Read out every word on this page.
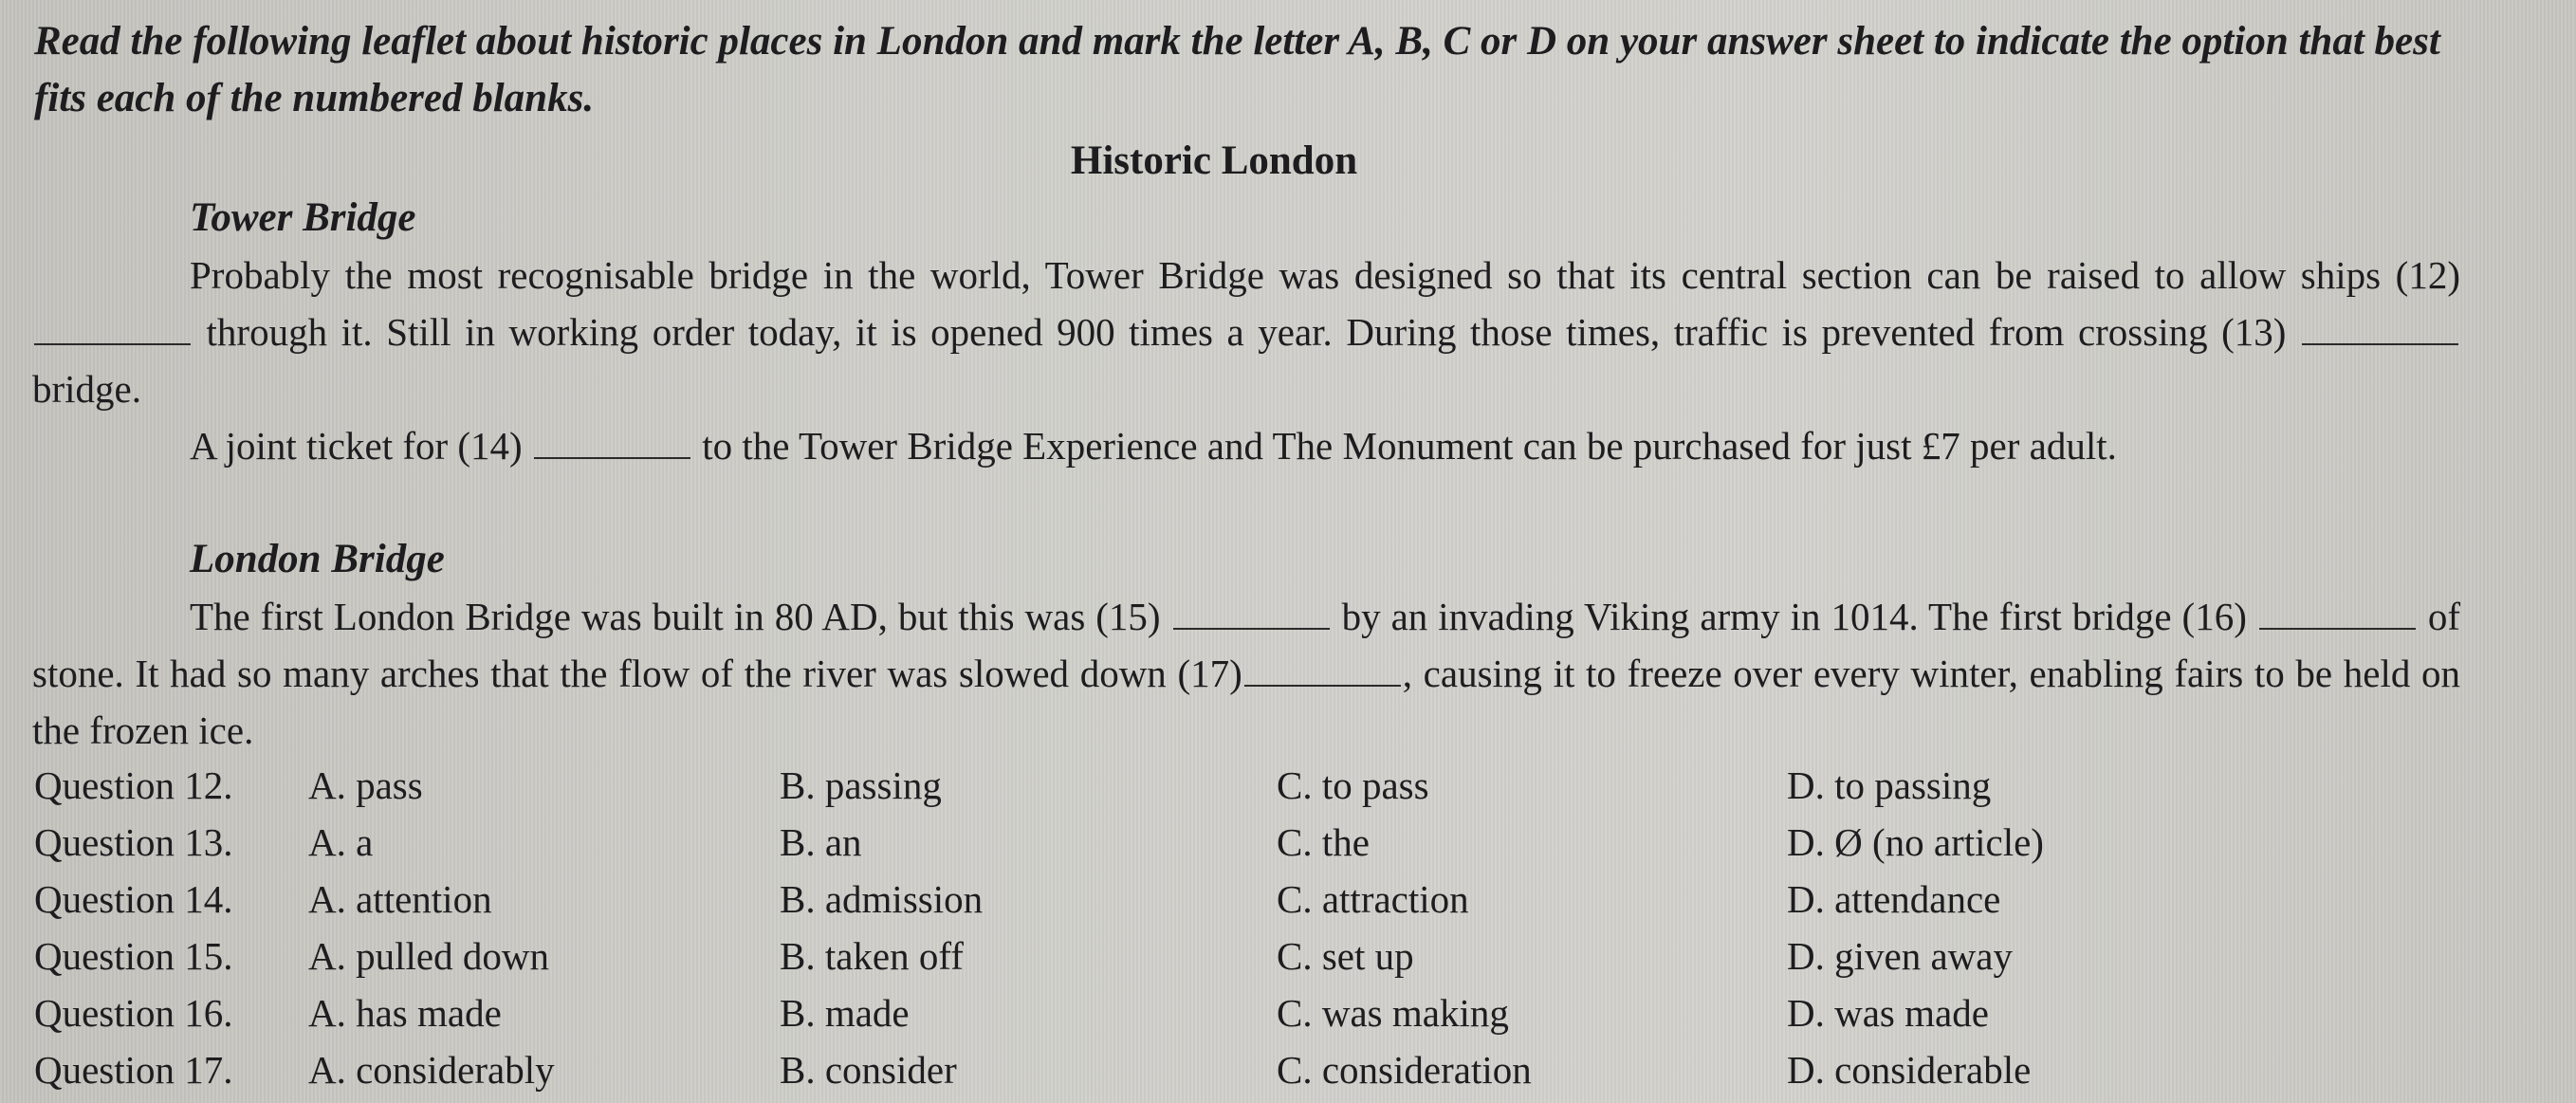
Read the following leaflet about historic places in London and mark the letter A, B, C or D on your answer sheet to indicate the option that best fits each of the numbered blanks.

Historic London

Tower Bridge

Probably the most recognisable bridge in the world, Tower Bridge was designed so that its central section can be raised to allow ships (12)  through it. Still in working order today, it is opened 900 times a year. During those times, traffic is prevented from crossing (13)  bridge.

A joint ticket for (14)	to the Tower Bridge Experience and The Monument can be purchased for just £7 per adult.

London Bridge

The first London Bridge was built in 80 AD, but this was (15)	by an invading Viking army in 1014. The first bridge (16)	of stone. It had so many arches that the flow of the river was slowed down (17)	, causing it to freeze over every winter, enabling fairs to be held on the frozen ice.

Question 12. A. pass	B. passing	C. to pass	D. to passing
Question 13. A. a	B. an	C. the	D. Ø (no article)
Question 14. A. attention	B. admission	C. attraction	D. attendance
Question 15. A. pulled down	B. taken off	C. set up	D. given away
Question 16. A. has made	B. made	C. was making	D. was made
Question 17. A. considerably	B. consider	C. consideration	D. considerable
